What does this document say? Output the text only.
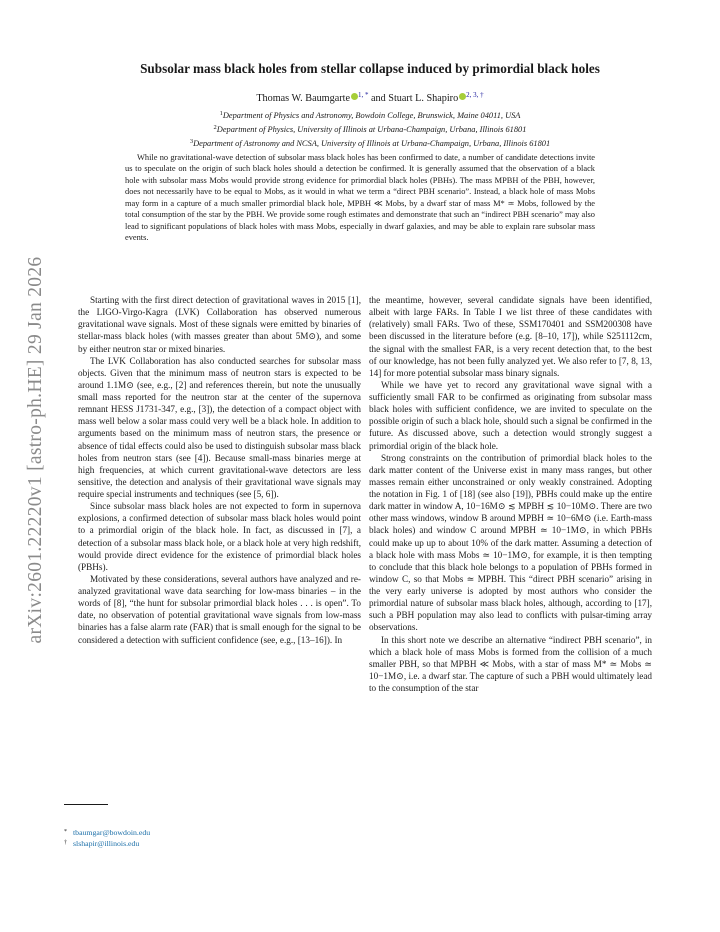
arXiv:2601.22220v1 [astro-ph.HE] 29 Jan 2026
Subsolar mass black holes from stellar collapse induced by primordial black holes
Thomas W. Baumgarte $^{1, *}$ and Stuart L. Shapiro $^{2, 3, \dagger}$
$^1$Department of Physics and Astronomy, Bowdoin College, Brunswick, Maine 04011, USA
$^2$Department of Physics, University of Illinois at Urbana-Champaign, Urbana, Illinois 61801
$^3$Department of Astronomy and NCSA, University of Illinois at Urbana-Champaign, Urbana, Illinois 61801
While no gravitational-wave detection of subsolar mass black holes has been confirmed to date, a number of candidate detections invite us to speculate on the origin of such black holes should a detection be confirmed. It is generally assumed that the observation of a black hole with subsolar mass Mobs would provide strong evidence for primordial black holes (PBHs). The mass MPBH of the PBH, however, does not necessarily have to be equal to Mobs, as it would in what we term a “direct PBH scenario”. Instead, a black hole of mass Mobs may form in a capture of a much smaller primordial black hole, MPBH ≪ Mobs, by a dwarf star of mass M* ≃ Mobs, followed by the total consumption of the star by the PBH. We provide some rough estimates and demonstrate that such an “indirect PBH scenario” may also lead to significant populations of black holes with mass Mobs, especially in dwarf galaxies, and may be able to explain rare subsolar mass events.

Starting with the first direct detection of gravitational waves in 2015 [1], the LIGO-Virgo-Kagra (LVK) Collaboration has observed numerous gravitational wave signals. Most of these signals were emitted by binaries of stellar-mass black holes (with masses greater than about 5M⊙), and some by either neutron star or mixed binaries.

The LVK Collaboration has also conducted searches for subsolar mass objects. Given that the minimum mass of neutron stars is expected to be around 1.1M⊙ (see, e.g., [2] and references therein, but note the unusually small mass reported for the neutron star at the center of the supernova remnant HESS J1731-347, e.g., [3]), the detection of a compact object with mass well below a solar mass could very well be a black hole. In addition to arguments based on the minimum mass of neutron stars, the presence or absence of tidal effects could also be used to distinguish subsolar mass black holes from neutron stars (see [4]). Because small-mass binaries merge at high frequencies, at which current gravitational-wave detectors are less sensitive, the detection and analysis of their gravitational wave signals may require special instruments and techniques (see [5, 6]).

Since subsolar mass black holes are not expected to form in supernova explosions, a confirmed detection of subsolar mass black holes would point to a primordial origin of the black hole. In fact, as discussed in [7], a detection of a subsolar mass black hole, or a black hole at very high redshift, would provide direct evidence for the existence of primordial black holes (PBHs).

Motivated by these considerations, several authors have analyzed and re-analyzed gravitational wave data searching for low-mass binaries – in the words of [8], “the hunt for subsolar primordial black holes . . . is open”. To date, no observation of potential gravitational wave signals from low-mass binaries has a false alarm rate (FAR) that is small enough for the signal to be considered a detection with sufficient confidence (see, e.g., [13–16]). In

the meantime, however, several candidate signals have been identified, albeit with large FARs. In Table I we list three of these candidates with (relatively) small FARs. Two of these, SSM170401 and SSM200308 have been discussed in the literature before (e.g. [8–10, 17]), while S251112cm, the signal with the smallest FAR, is a very recent detection that, to the best of our knowledge, has not been fully analyzed yet. We also refer to [7, 8, 13, 14] for more potential subsolar mass binary signals.

While we have yet to record any gravitational wave signal with a sufficiently small FAR to be confirmed as originating from subsolar mass black holes with sufficient confidence, we are invited to speculate on the possible origin of such a black hole, should such a signal be confirmed in the future. As discussed above, such a detection would strongly suggest a primordial origin of the black hole.

Strong constraints on the contribution of primordial black holes to the dark matter content of the Universe exist in many mass ranges, but other masses remain either unconstrained or only weakly constrained. Adopting the notation in Fig. 1 of [18] (see also [19]), PBHs could make up the entire dark matter in window A, 10−16M⊙ ≲ MPBH ≲ 10−10M⊙. There are two other mass windows, window B around MPBH ≃ 10−6M⊙ (i.e. Earth-mass black holes) and window C around MPBH ≃ 10−1M⊙, in which PBHs could make up up to about 10% of the dark matter. Assuming a detection of a black hole with mass Mobs ≃ 10−1M⊙, for example, it is then tempting to conclude that this black hole belongs to a population of PBHs formed in window C, so that Mobs ≃ MPBH. This “direct PBH scenario” arising in the very early universe is adopted by most authors who consider the primordial nature of subsolar mass black holes, although, according to [17], such a PBH population may also lead to conflicts with pulsar-timing array observations.

In this short note we describe an alternative “indirect PBH scenario”, in which a black hole of mass Mobs is formed from the collision of a much smaller PBH, so that MPBH ≪ Mobs, with a star of mass M* ≃ Mobs ≃ 10−1M⊙, i.e. a dwarf star. The capture of such a PBH would ultimately lead to the consumption of the star

* tbaumgar@bowdoin.edu
† slshapir@illinois.edu
